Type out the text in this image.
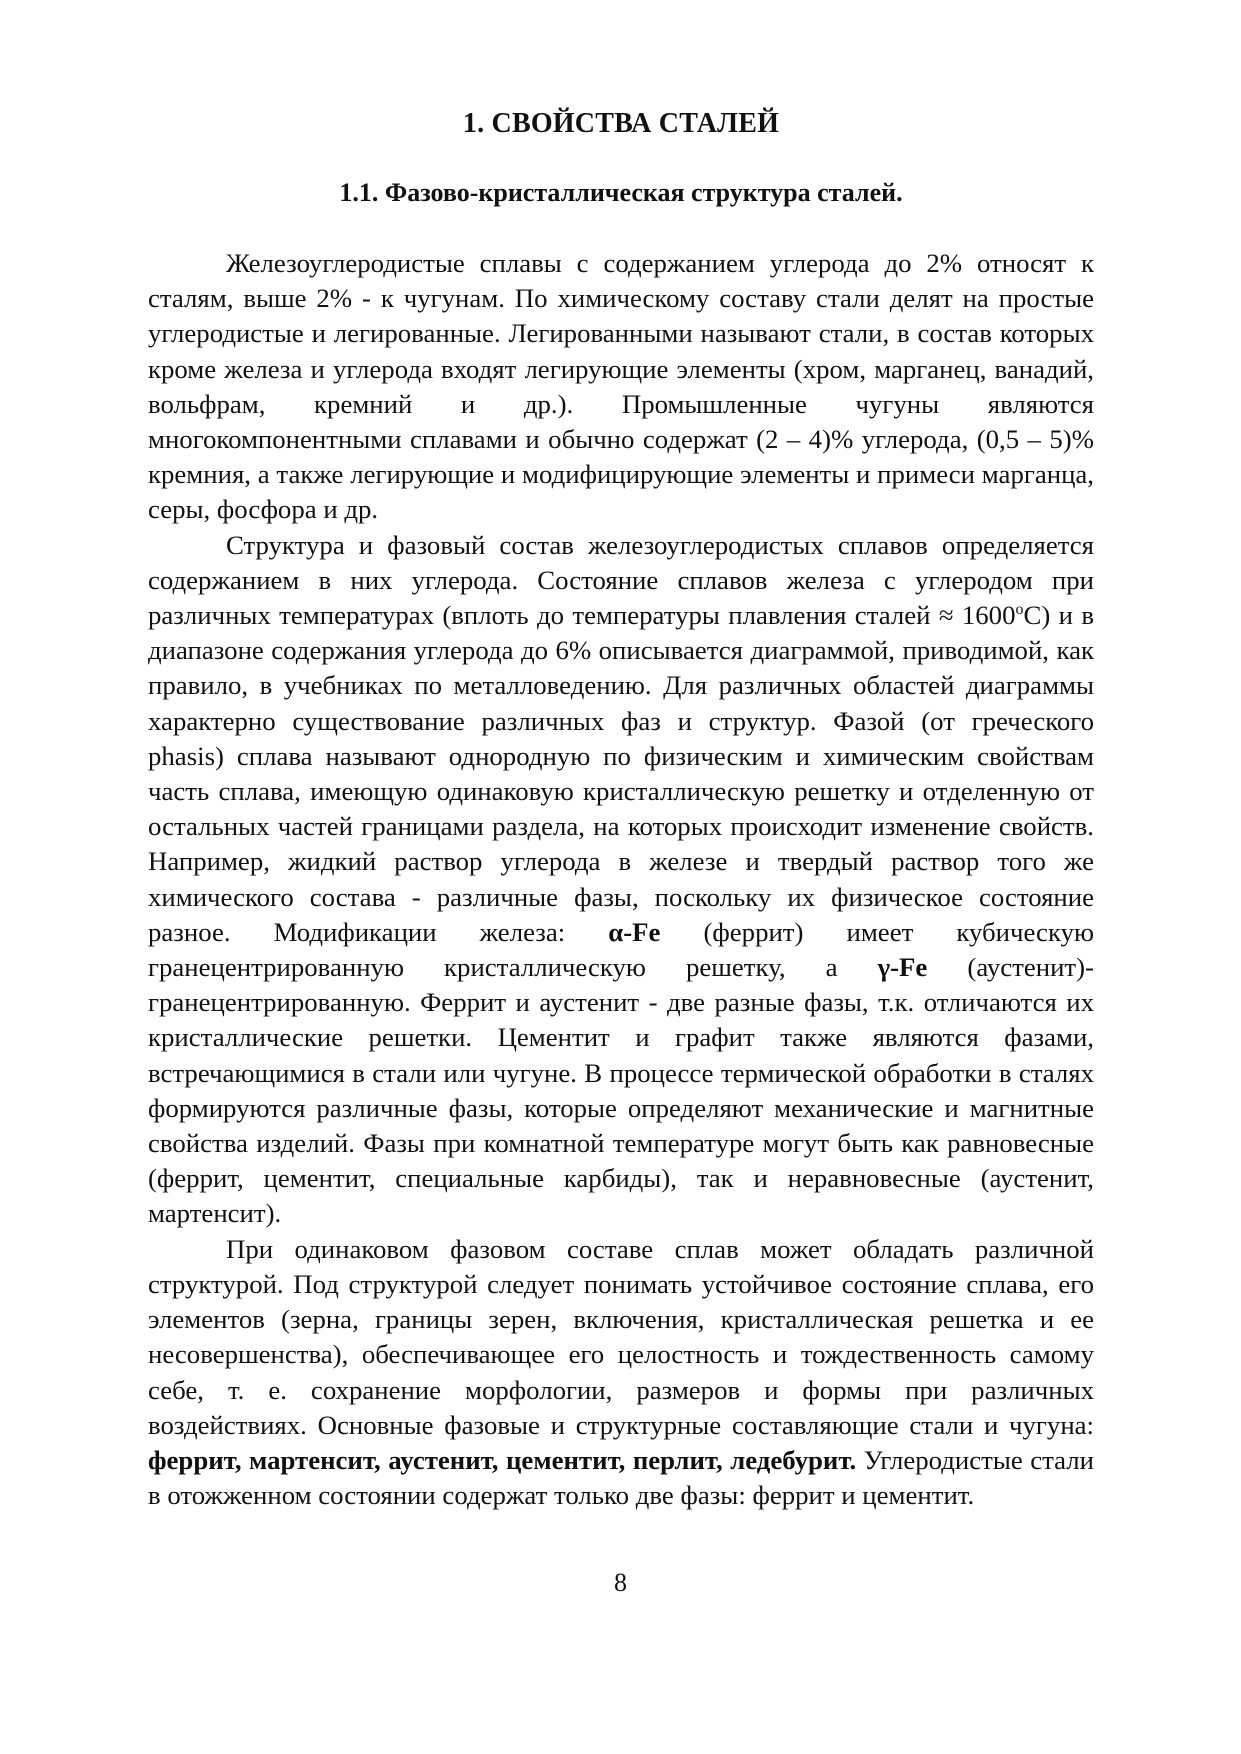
1. СВОЙСТВА СТАЛЕЙ
1.1. Фазово-кристаллическая структура сталей.

Железоуглеродистые сплавы с содержанием углерода до 2% относят к сталям, выше 2% - к чугунам. По химическому составу стали делят на простые углеродистые и легированные. Легированными называют стали, в состав которых кроме железа и углерода входят легирующие элементы (хром, марганец, ванадий, вольфрам, кремний и др.). Промышленные чугуны являются многокомпонентными сплавами и обычно содержат (2 – 4)% углерода, (0,5 – 5)% кремния, а также легирующие и модифицирующие элементы и примеси марганца, серы, фосфора и др.

Структура и фазовый состав железоуглеродистых сплавов определяется содержанием в них углерода. Состояние сплавов железа с углеродом при различных температурах (вплоть до температуры плавления сталей ≈ $1600^oС$) и в диапазоне содержания углерода до 6% описывается диаграммой, приводимой, как правило, в учебниках по металловедению. Для различных областей диаграммы характерно существование различных фаз и структур. Фазой (от греческого phasis) сплава называют однородную по физическим и химическим свойствам часть сплава, имеющую одинаковую кристаллическую решетку и отделенную от остальных частей границами раздела, на которых происходит изменение свойств. Например, жидкий раствор углерода в железе и твердый раствор того же химического состава - различные фазы, поскольку их физическое состояние разное. Модификации железа: α-Fe (феррит) имеет кубическую гранецентрированную кристаллическую решетку, а γ-Fe (аустенит)- гранецентрированную. Феррит и аустенит - две разные фазы, т.к. отличаются их кристаллические решетки. Цементит и графит также являются фазами, встречающимися в стали или чугуне. В процессе термической обработки в сталях формируются различные фазы, которые определяют механические и магнитные свойства изделий. Фазы при комнатной температуре могут быть как равновесные (феррит, цементит, специальные карбиды), так и неравновесные (аустенит, мартенсит).

При одинаковом фазовом составе сплав может обладать различной структурой. Под структурой следует понимать устойчивое состояние сплава, его элементов (зерна, границы зерен, включения, кристаллическая решетка и ее несовершенства), обеспечивающее его целостность и тождественность самому себе, т. е. сохранение морфологии, размеров и формы при различных воздействиях. Основные фазовые и структурные составляющие стали и чугуна: феррит, мартенсит, аустенит, цементит, перлит, ледебурит. Углеродистые стали в отожженном состоянии содержат только две фазы: феррит и цементит.

8
